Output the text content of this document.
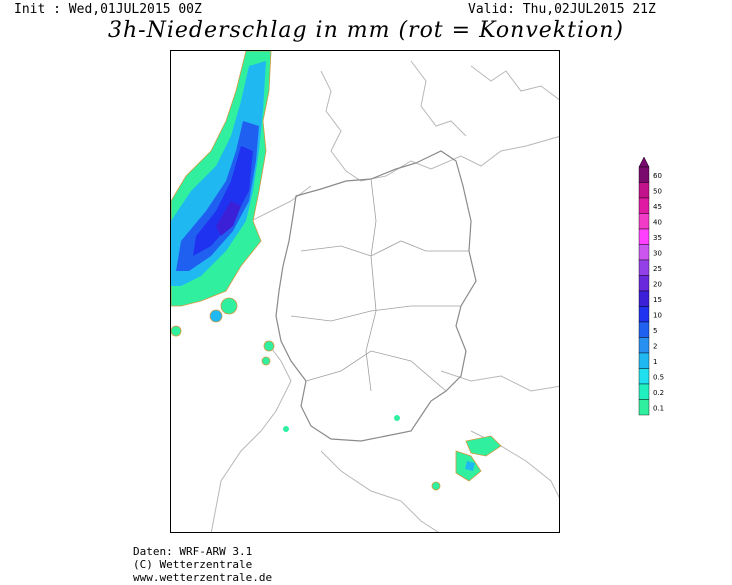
Init : Wed,01JUL2015 00Z	Valid: Thu,02JUL2015 21Z
3h-Niederschlag in mm (rot = Konvektion)
60
50
45
40
35
30
25
20
15
10
5
2
1
0.5
0.2
0.1
Daten: WRF-ARW 3.1
(C) Wetterzentrale
www.wetterzentrale.de
